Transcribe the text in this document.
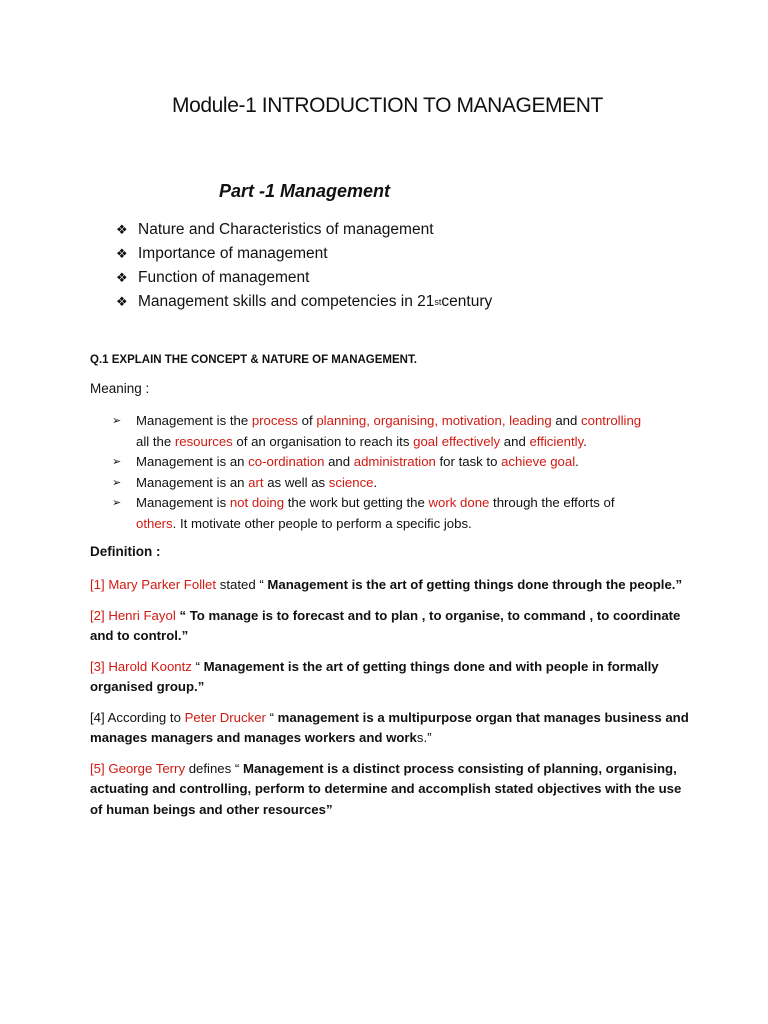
Module-1 INTRODUCTION TO MANAGEMENT
Part -1 Management
❖ Nature and Characteristics of management
❖ Importance of management
❖ Function of management
❖ Management skills and competencies in 21 st century
Q.1 EXPLAIN THE CONCEPT & NATURE OF MANAGEMENT.
Meaning :
➢	Management is the process of planning, organising, motivation, leading and controlling
all the resources of an organisation to reach its goal effectively and efficiently.
➢	Management is an co-ordination and administration for task to achieve goal.
➢	Management is an art as well as science.
➢	Management is not doing the work but getting the work done through the efforts of
others. It motivate other people to perform a specific jobs.
Definition :

[1] Mary Parker Follet stated “ Management is the art of getting things done through the people.”

[2] Henri Fayol “ To manage is to forecast and to plan , to organise, to command , to coordinate and to control.”

[3] Harold Koontz “ Management is the art of getting things done and with people in formally organised group.”

[4] According to Peter Drucker “ management is a multipurpose organ that manages business and manages managers and manages workers and works.”

[5] George Terry defines “ Management is a distinct process consisting of planning, organising, actuating and controlling, perform to determine and accomplish stated objectives with the use of human beings and other resources”
